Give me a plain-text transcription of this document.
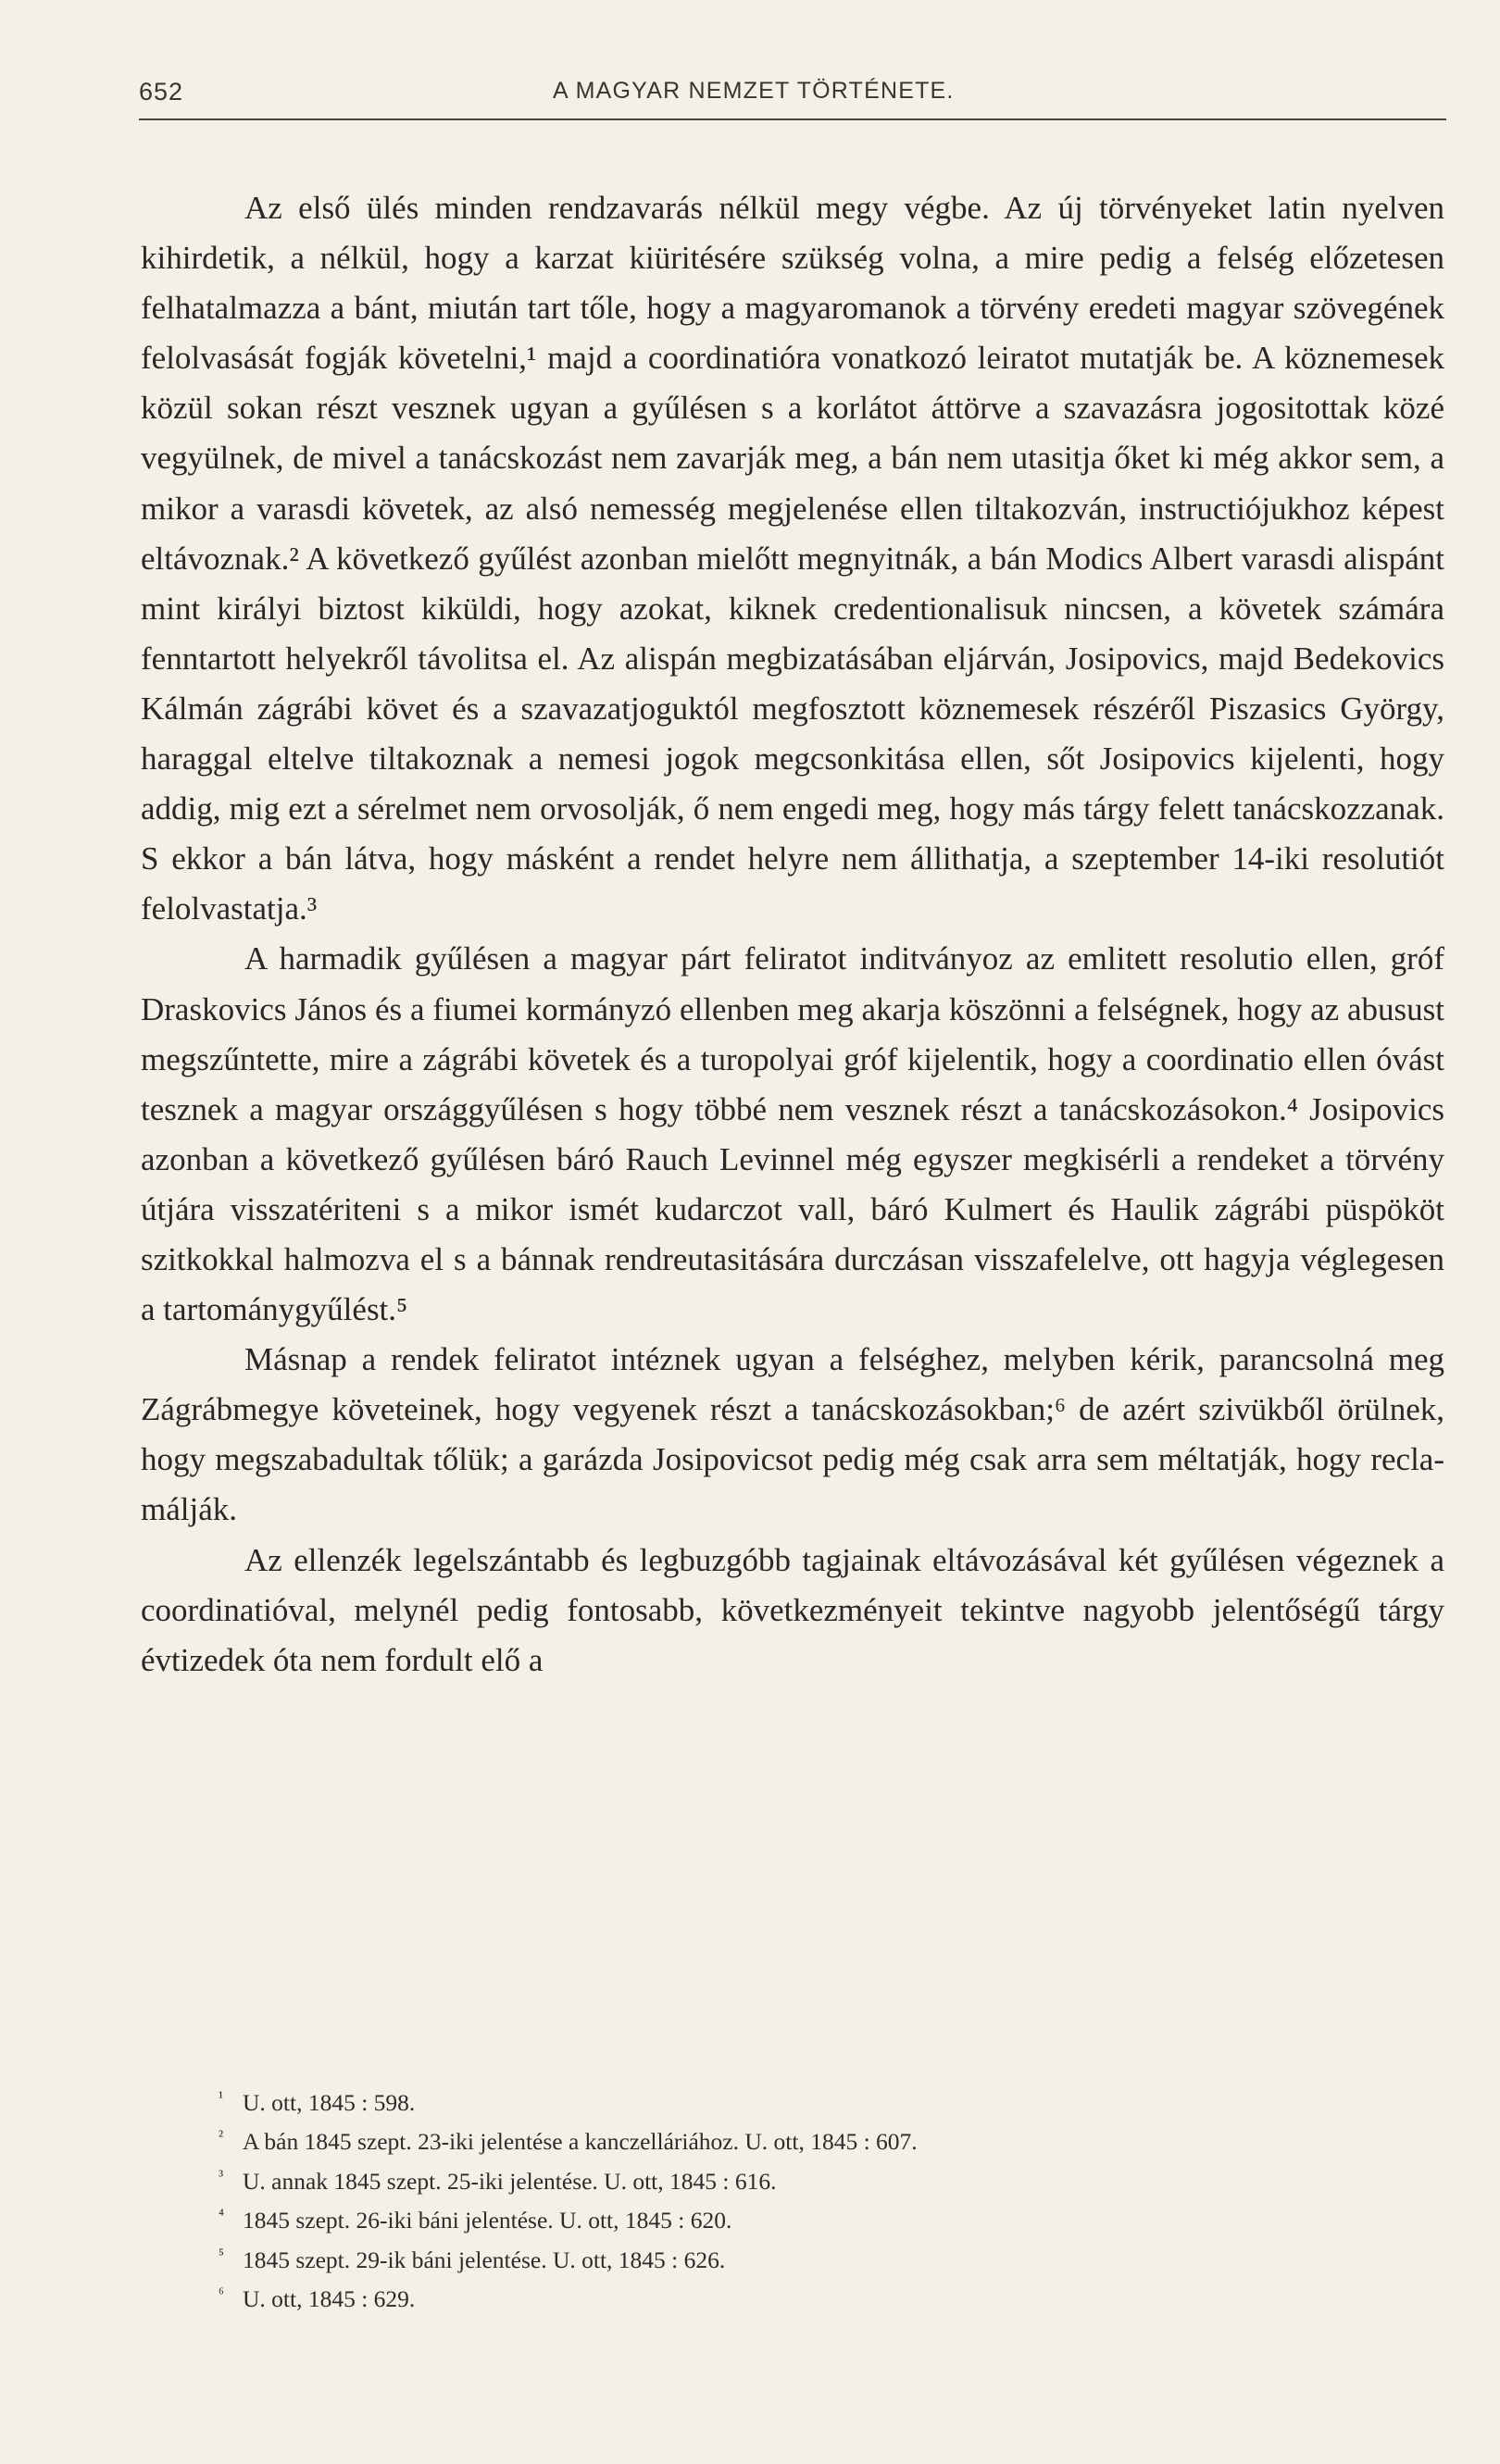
652	A MAGYAR NEMZET TÖRTÉNETE.

Az első ülés minden rendzavarás nélkül megy végbe. Az új törvényeket latin nyelven kihirdetik, a nélkül, hogy a karzat kiüritésére szükség volna, a mire pedig a felség előzetesen felhatalmazza a bánt, miután tart tőle, hogy a magyaromanok a törvény eredeti magyar szövegének felolvasását fogják követelni,¹ majd a coordinatióra vonatkozó leiratot mutatják be. A köznemesek közül sokan részt vesznek ugyan a gyűlésen s a korlátot áttörve a szavazásra jogositottak közé vegyülnek, de mivel a tanácskozást nem zavarják meg, a bán nem utasitja őket ki még akkor sem, a mikor a varasdi követek, az alsó nemesség megjelenése ellen tiltakozván, instructiójukhoz képest eltávoznak.² A következő gyűlést azonban mielőtt megnyitnák, a bán Modics Albert varasdi alispánt mint királyi biztost kiküldi, hogy azokat, kiknek credentionalisuk nincsen, a követek számára fenntartott helyekről távolitsa el. Az alispán megbizatásában eljárván, Josipovics, majd Bedekovics Kálmán zágrábi követ és a szavazatjoguktól megfosztott köznemesek részéről Piszasics György, haraggal eltelve tiltakoznak a nemesi jogok megcsonkitása ellen, sőt Josipovics kijelenti, hogy addig, mig ezt a sérelmet nem orvosolják, ő nem engedi meg, hogy más tárgy felett tanácskozzanak. S ekkor a bán látva, hogy másként a rendet helyre nem állithatja, a szeptember 14-iki resolutiót felolvastatja.³

A harmadik gyűlésen a magyar párt feliratot inditványoz az emlitett resolutio ellen, gróf Draskovics János és a fiumei kormányzó ellenben meg akarja köszönni a felségnek, hogy az abusust megszűntette, mire a zágrábi követek és a turopolyai gróf kijelentik, hogy a coordinatio ellen óvást tesznek a magyar országgyűlésen s hogy többé nem vesznek részt a tanácskozásokon.⁴ Josipovics azonban a következő gyűlésen báró Rauch Levinnel még egyszer megkisérli a rendeket a törvény útjára visszatériteni s a mikor ismét kudarczot vall, báró Kulmert és Haulik zágrábi püspököt szitkokkal halmozva el s a bánnak rendreutasitására durczásan visszafelelve, ott hagyja véglegesen a tartománygyűlést.⁵

Másnap a rendek feliratot intéznek ugyan a felséghez, melyben kérik, parancsolná meg Zágrábmegye követeinek, hogy vegyenek részt a tanácskozásokban;⁶ de azért szivükből örülnek, hogy megszabadultak tőlük; a garázda Josipovicsot pedig még csak arra sem méltatják, hogy reclamálják.

Az ellenzék legelszántabb és legbuzgóbb tagjainak eltávozásával két gyűlésen végeznek a coordinatióval, melynél pedig fontosabb, következményeit tekintve nagyobb jelentőségű tárgy évtizedek óta nem fordult elő a

¹ U. ott, 1845 : 598.
² A bán 1845 szept. 23-iki jelentése a kanczelláriához. U. ott, 1845 : 607.
³ U. annak 1845 szept. 25-iki jelentése. U. ott, 1845 : 616.
⁴ 1845 szept. 26-iki báni jelentése. U. ott, 1845 : 620.
⁵ 1845 szept. 29-ik báni jelentése. U. ott, 1845 : 626.
⁶ U. ott, 1845 : 629.
